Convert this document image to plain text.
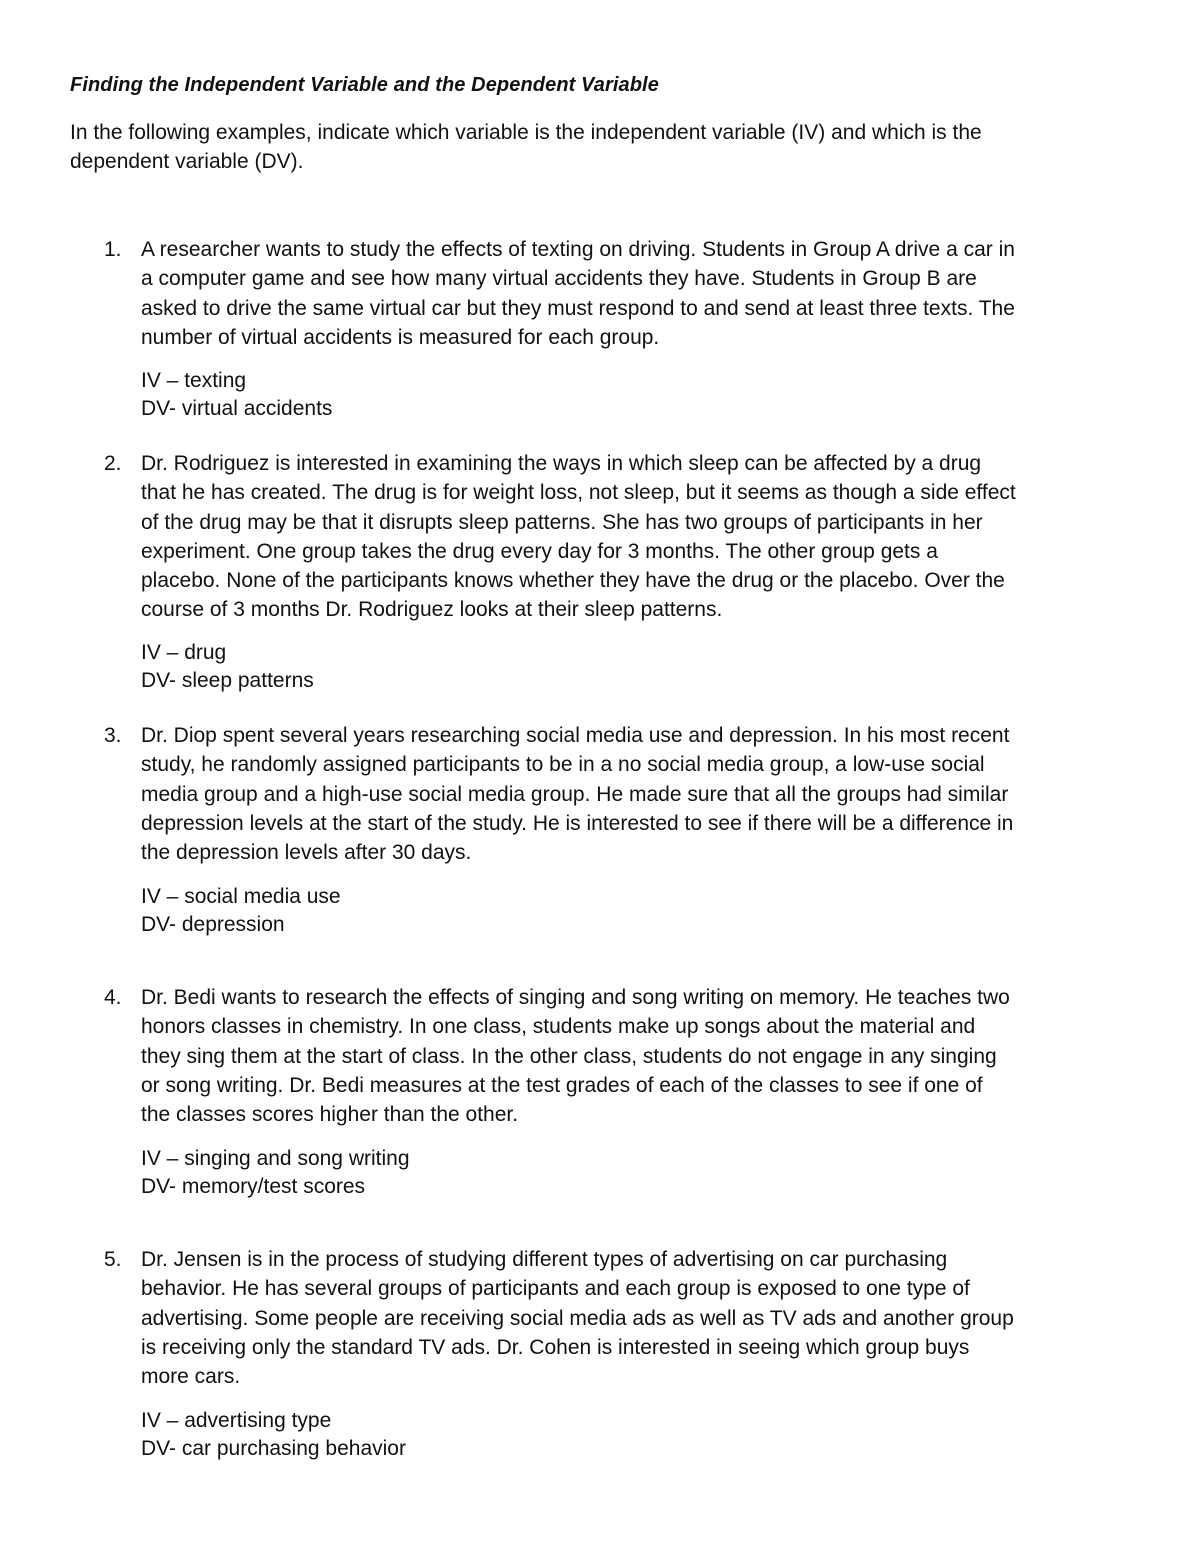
Finding the Independent Variable and the Dependent Variable
In the following examples, indicate which variable is the independent variable (IV) and which is the
dependent variable (DV).
1. A researcher wants to study the effects of texting on driving. Students in Group A drive a car in
a computer game and see how many virtual accidents they have. Students in Group B are
asked to drive the same virtual car but they must respond to and send at least three texts. The
number of virtual accidents is measured for each group.
IV – texting
DV- virtual accidents
2. Dr. Rodriguez is interested in examining the ways in which sleep can be affected by a drug
that he has created. The drug is for weight loss, not sleep, but it seems as though a side effect
of the drug may be that it disrupts sleep patterns. She has two groups of participants in her
experiment. One group takes the drug every day for 3 months. The other group gets a
placebo. None of the participants knows whether they have the drug or the placebo. Over the
course of 3 months Dr. Rodriguez looks at their sleep patterns.
IV – drug
DV- sleep patterns
3. Dr. Diop spent several years researching social media use and depression. In his most recent
study, he randomly assigned participants to be in a no social media group, a low-use social
media group and a high-use social media group. He made sure that all the groups had similar
depression levels at the start of the study. He is interested to see if there will be a difference in
the depression levels after 30 days.
IV – social media use
DV- depression
4. Dr. Bedi wants to research the effects of singing and song writing on memory. He teaches two
honors classes in chemistry. In one class, students make up songs about the material and
they sing them at the start of class. In the other class, students do not engage in any singing
or song writing. Dr. Bedi measures at the test grades of each of the classes to see if one of
the classes scores higher than the other.
IV – singing and song writing
DV- memory/test scores
5. Dr. Jensen is in the process of studying different types of advertising on car purchasing
behavior. He has several groups of participants and each group is exposed to one type of
advertising. Some people are receiving social media ads as well as TV ads and another group
is receiving only the standard TV ads. Dr. Cohen is interested in seeing which group buys
more cars.
IV – advertising type
DV- car purchasing behavior
